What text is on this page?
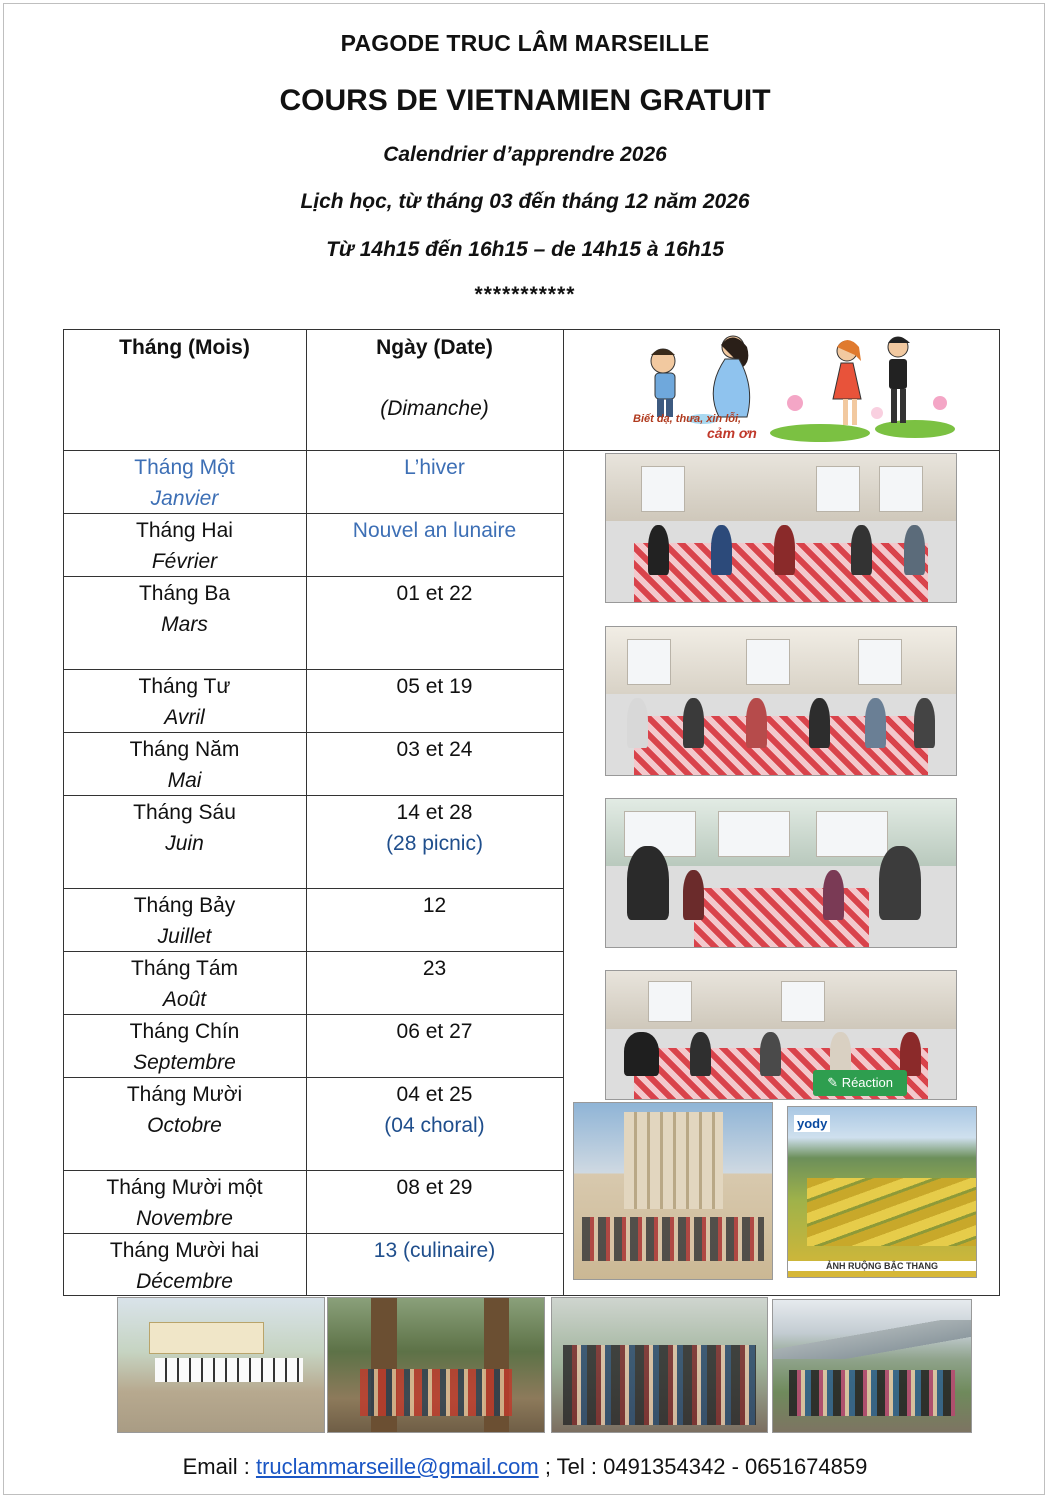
PAGODE TRUC LÂM MARSEILLE
COURS DE VIETNAMIEN GRATUIT
Calendrier d’apprendre 2026
Lịch học, từ tháng 03 đến tháng 12 năm 2026
Từ 14h15 đến 16h15 – de 14h15 à 16h15
***********
Tháng (Mois)	Ngày (Date)
(Dimanche)
Tháng Một
Janvier
L’hiver
Tháng Hai
Février
Nouvel an lunaire
Tháng Ba
Mars
01 et 22
Tháng Tư
Avril
05 et 19
Tháng Năm
Mai
03 et 24
Tháng Sáu
Juin
14 et 28
(28 picnic)
Tháng Bảy
Juillet
12
Tháng Tám
Août
23
Tháng Chín
Septembre
06 et 27
Tháng Mười
Octobre
04 et 25
(04 choral)
Tháng Mười một
Novembre
08 et 29
Tháng Mười hai
Décembre
13 (culinaire)
Biết dạ, thưa, xin lỗi,
cảm ơn
✎ Réaction
yody
ẢNH RUỘNG BẬC THANG
Email : truclammarseille@gmail.com ; Tel : 0491354342 - 0651674859
